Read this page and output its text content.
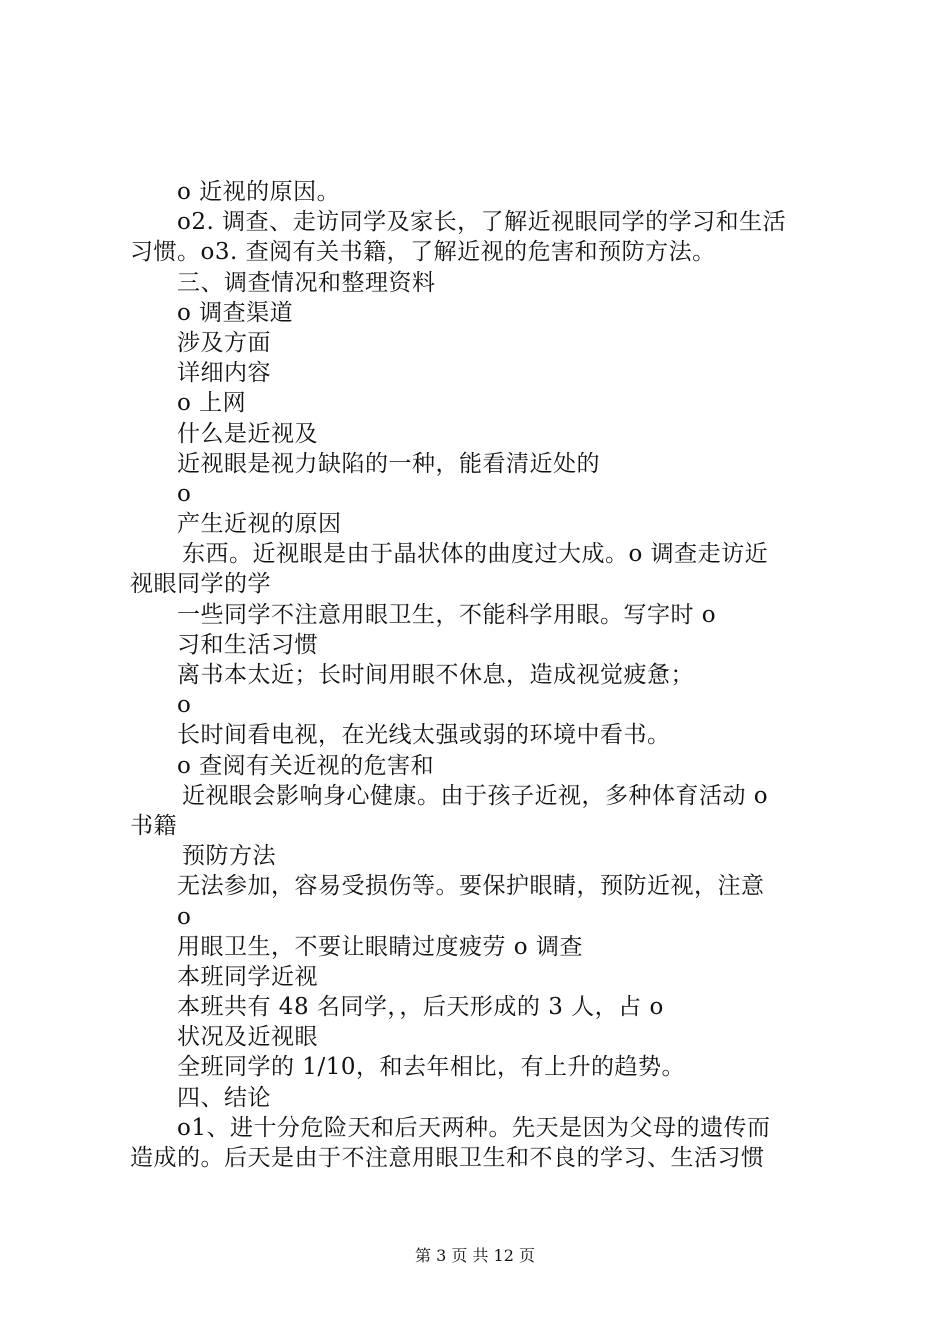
o 近视的原因。
o2. 调查、走访同学及家长，了解近视眼同学的学习和生活
习惯。o3. 查阅有关书籍，了解近视的危害和预防方法。
三、调查情况和整理资料
o 调查渠道
涉及方面
详细内容
o 上网
什么是近视及
近视眼是视力缺陷的一种，能看清近处的
o
产生近视的原因
东西。近视眼是由于晶状体的曲度过大成。o 调查走访近
视眼同学的学
一些同学不注意用眼卫生，不能科学用眼。写字时 o
习和生活习惯
离书本太近；长时间用眼不休息，造成视觉疲惫；
o
长时间看电视，在光线太强或弱的环境中看书。
o 查阅有关近视的危害和
近视眼会影响身心健康。由于孩子近视，多种体育活动 o
书籍
预防方法
无法参加，容易受损伤等。要保护眼睛，预防近视，注意
o
用眼卫生，不要让眼睛过度疲劳 o 调查
本班同学近视
本班共有 48 名同学，，后天形成的 3 人，占 o
状况及近视眼
全班同学的 1/10，和去年相比，有上升的趋势。
四、结论
o1、进十分危险天和后天两种。先天是因为父母的遗传而
造成的。后天是由于不注意用眼卫生和不良的学习、生活习惯
第 3 页 共 12 页
